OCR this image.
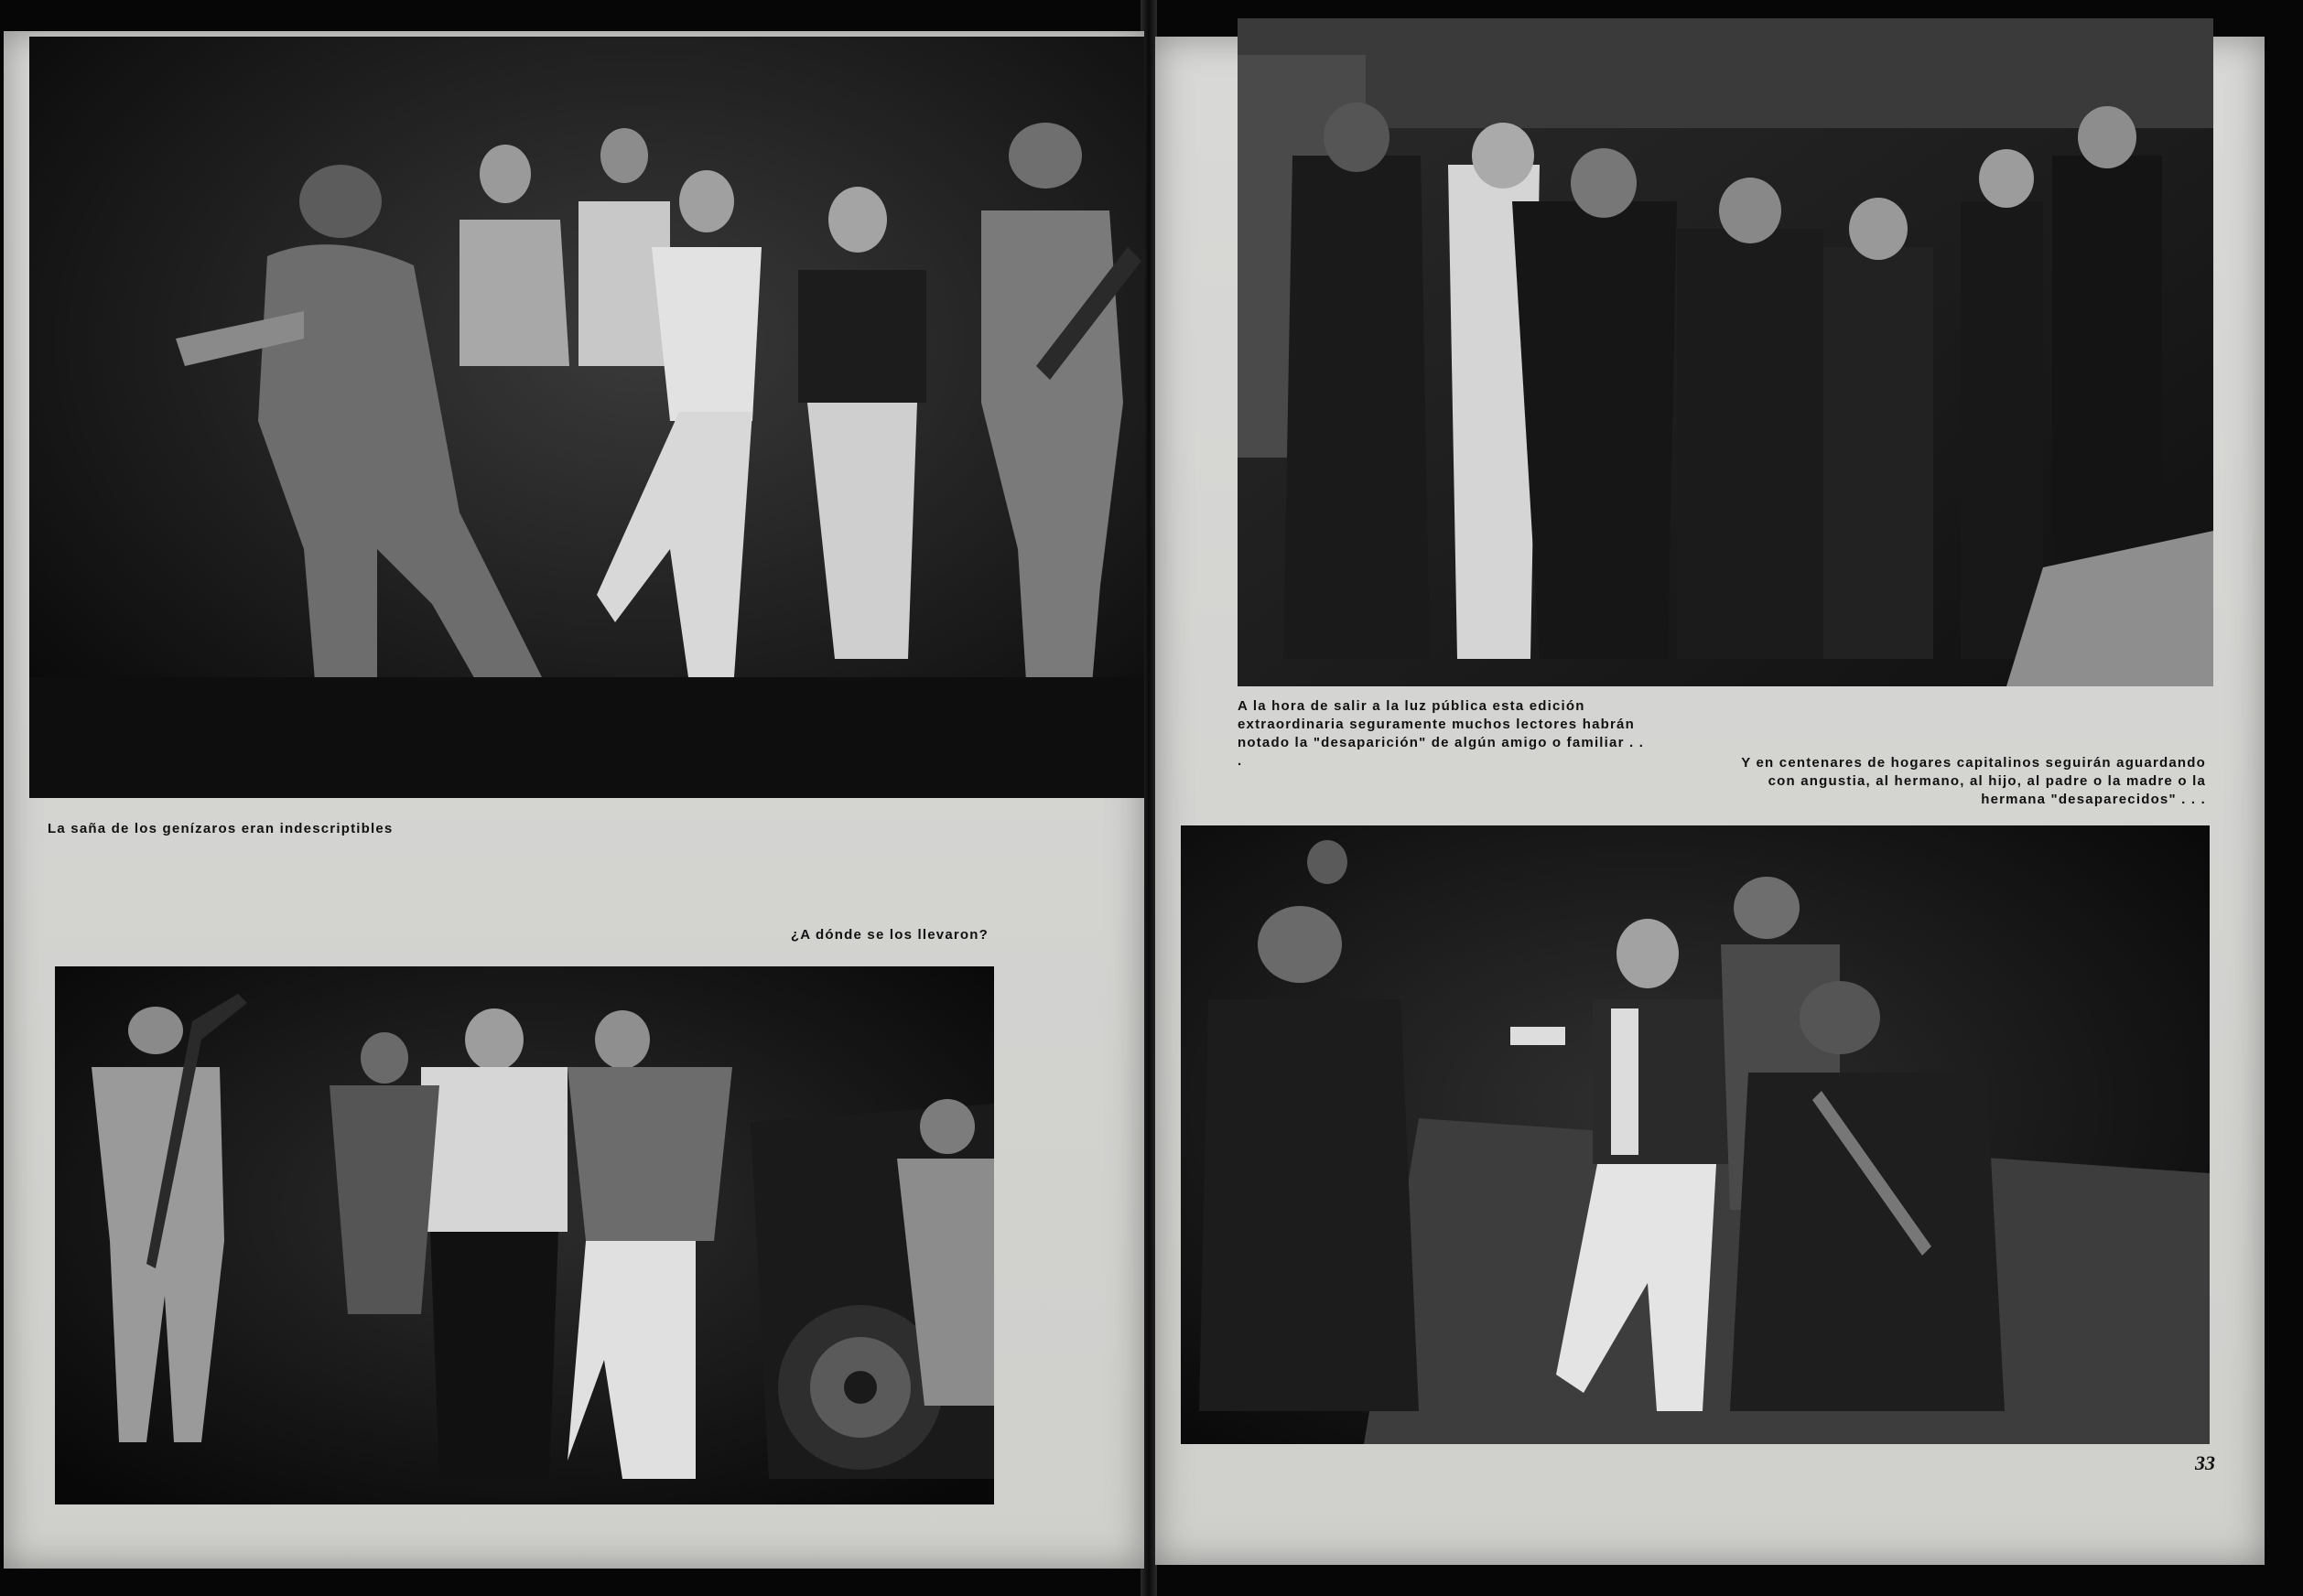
La saña de los genízaros eran indescriptibles

¿A dónde se los llevaron?

A la hora de salir a la luz pública esta edición extraordinaria seguramente muchos lectores habrán notado la "desaparición" de algún amigo o familiar . . .	Y en centenares de hogares capitalinos seguirán aguardando con angustia, al hermano, al hijo, al padre o la madre o la hermana "desaparecidos" . . .

33
